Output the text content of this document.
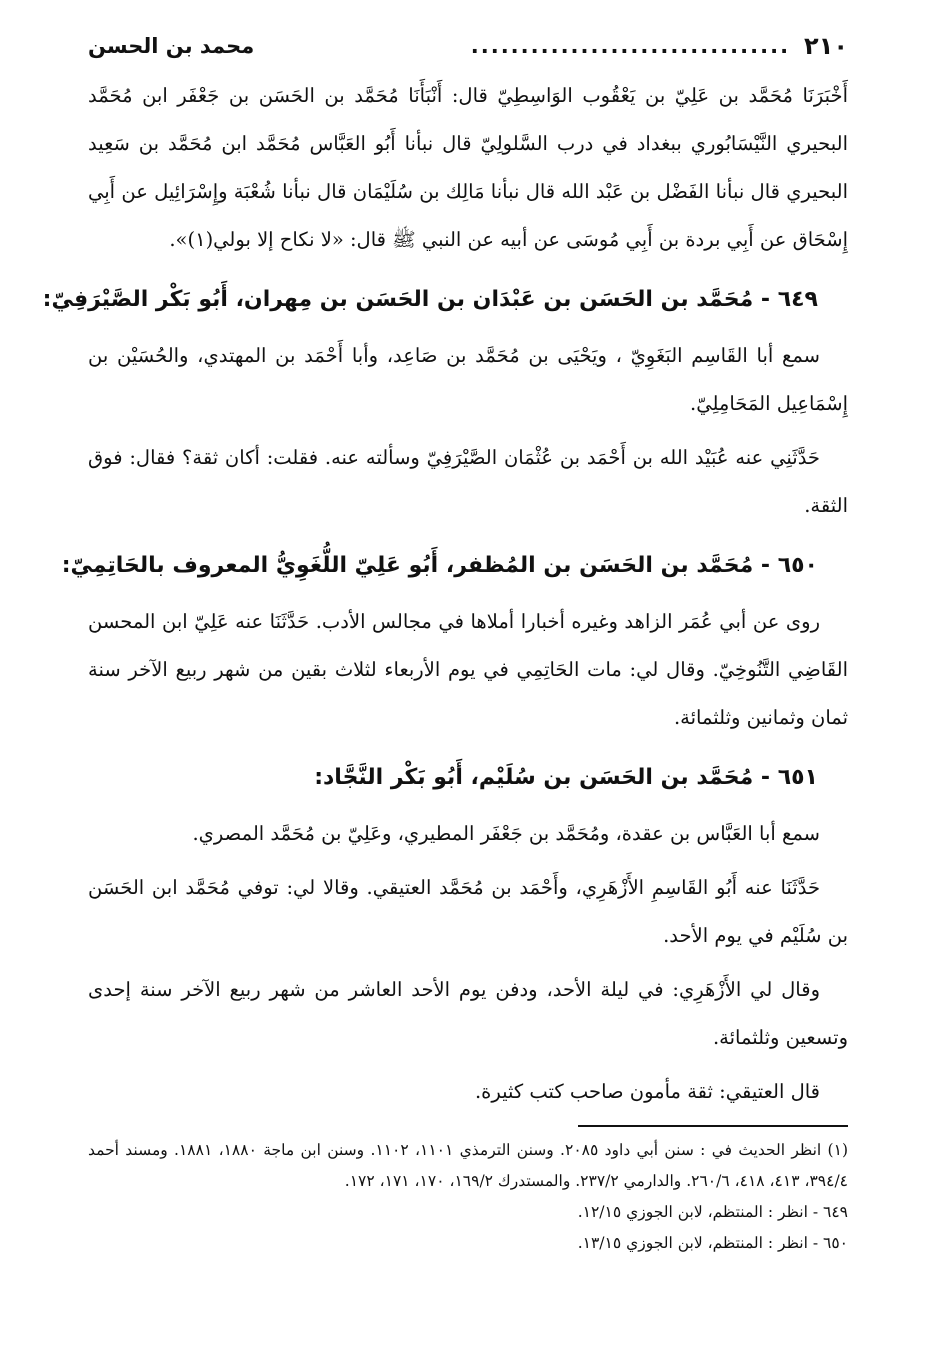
٢١٠
................................
محمد بن الحسن

أَخْبَرَنَا مُحَمَّد بن عَلِيّ بن يَعْقُوب الوَاسِطِيّ قال: أَنْبَأَنَا مُحَمَّد بن الحَسَن بن جَعْفَر ابن مُحَمَّد البحيري النَّيْسَابُوري ببغداد في درب السَّلولِيّ قال نبأنا أَبُو العَبَّاس مُحَمَّد ابن مُحَمَّد بن سَعِيد البحيري قال نبأنا الفَضْل بن عَبْد الله قال نبأنا مَالِك بن سُلَيْمَان قال نبأنا شُعْبَة وإِسْرَائِيل عن أَبِي إِسْحَاق عن أَبِي بردة بن أَبِي مُوسَى عن أبيه عن النبي ﷺ قال: «لا نكاح إلا بولي(١)».

٦٤٩ - مُحَمَّد بن الحَسَن بن عَبْدَان بن الحَسَن بن مِهران، أَبُو بَكْر الصَّيْرَفِيّ:

سمع أبا القَاسِم البَغَوِيّ ، ويَحْيَى بن مُحَمَّد بن صَاعِد، وأبا أَحْمَد بن المهتدي، والحُسَيْن بن إِسْمَاعِيل المَحَامِلِيّ.

حَدَّثَنِي عنه عُبَيْد الله بن أَحْمَد بن عُثْمَان الصَّيْرَفِيّ وسألته عنه. فقلت: أكان ثقة؟ فقال: فوق الثقة.

٦٥٠ - مُحَمَّد بن الحَسَن بن المُظفر، أَبُو عَلِيّ اللُّغَوِيُّ المعروف بالحَاتِمِيّ:

روى عن أبي عُمَر الزاهد وغيره أخبارا أملاها في مجالس الأدب. حَدَّثَنَا عنه عَلِيّ ابن المحسن القَاضِي التَّنُوخِيّ. وقال لي: مات الحَاتِمِي في يوم الأربعاء لثلاث بقين من شهر ربيع الآخر سنة ثمان وثمانين وثلثمائة.

٦٥١ - مُحَمَّد بن الحَسَن بن سُلَيْم، أَبُو بَكْر النَّجَّاد:

سمع أبا العَبَّاس بن عقدة، ومُحَمَّد بن جَعْفَر المطيري، وعَلِيّ بن مُحَمَّد المصري.

حَدَّثَنَا عنه أَبُو القَاسِمِ الأَزْهَرِي، وأَحْمَد بن مُحَمَّد العتيقي. وقالا لي: توفي مُحَمَّد ابن الحَسَن بن سُلَيْم في يوم الأحد.

وقال لي الأَزْهَرِي: في ليلة الأحد، ودفن يوم الأحد العاشر من شهر ربيع الآخر سنة إحدى وتسعين وثلثمائة.

قال العتيقي: ثقة مأمون صاحب كتب كثيرة.

(١) انظر الحديث في : سنن أبي داود ٢٠٨٥. وسنن الترمذي ١١٠١، ١١٠٢. وسنن ابن ماجة ١٨٨٠، ١٨٨١. ومسند أحمد ٣٩٤/٤، ٤١٣، ٤١٨، ٢٦٠/٦. والدارمي ٢٣٧/٢. والمستدرك ١٦٩/٢، ١٧٠، ١٧١، ١٧٢.

٦٤٩ - انظر : المنتظم، لابن الجوزي ١٢/١٥.

٦٥٠ - انظر : المنتظم، لابن الجوزي ١٣/١٥.
